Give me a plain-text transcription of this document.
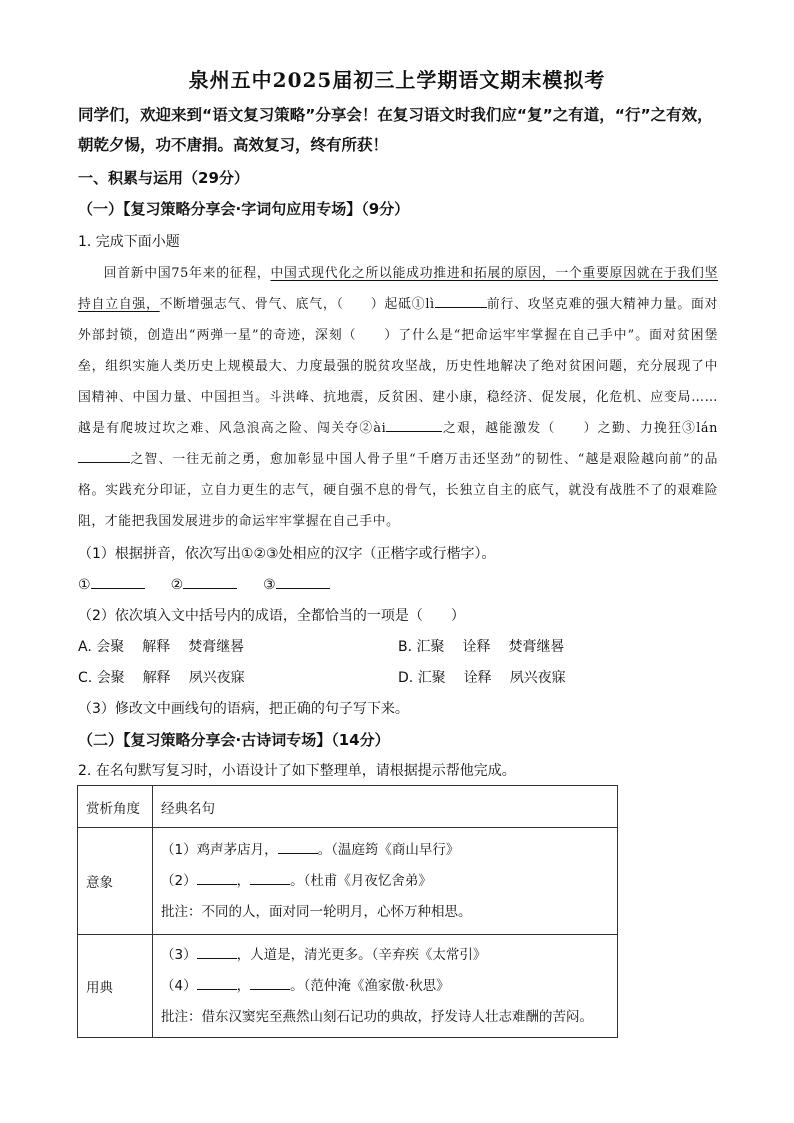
泉州五中2025届初三上学期语文期末模拟考
同学们，欢迎来到“语文复习策略”分享会！在复习语文时我们应“复”之有道，“行”之有效，朝乾夕惕，功不唐捐。高效复习，终有所获！
一、积累与运用（29分）
（一）【复习策略分享会·字词句应用专场】（9分）
1. 完成下面小题

回首新中国75年来的征程，中国式现代化之所以能成功推进和拓展的原因，一个重要原因就在于我们坚持自立自强，不断增强志气、骨气、底气，（　　）起砥①lì	前行、攻坚克难的强大精神力量。面对外部封锁，创造出“两弹一星”的奇迹，深刻（　　）了什么是“把命运牢牢掌握在自己手中”。面对贫困堡垒，组织实施人类历史上规模最大、力度最强的脱贫攻坚战，历史性地解决了绝对贫困问题，充分展现了中国精神、中国力量、中国担当。斗洪峰、抗地震，反贫困、建小康，稳经济、促发展，化危机、应变局……越是有爬坡过坎之难、风急浪高之险、闯关夺②ài	之艰，越能激发（　　）之勤、力挽狂③lán之智、一往无前之勇，愈加彰显中国人骨子里“千磨万击还坚劲”的韧性、“越是艰险越向前”的品格。实践充分印证，立自力更生的志气，硬自强不息的骨气，长独立自主的底气，就没有战胜不了的艰难险阻，才能把我国发展进步的命运牢牢掌握在自己手中。

（1）根据拼音，依次写出①②③处相应的汉字（正楷字或行楷字）。
①	②	③
（2）依次填入文中括号内的成语，全都恰当的一项是（　　）
A. 会聚 解释 焚膏继晷	B. 汇聚 诠释 焚膏继晷
C. 会聚 解释 夙兴夜寐	D. 汇聚 诠释 夙兴夜寐
（3）修改文中画线句的语病，把正确的句子写下来。
（二）【复习策略分享会·古诗词专场】（14分）
2. 在名句默写复习时，小语设计了如下整理单，请根据提示帮他完成。
赏析角度	经典名句
意象	（1）鸡声茅店月， 。（温庭筠《商山早行》
（2） ， 。（杜甫《月夜忆舍弟》
批注：不同的人，面对同一轮明月，心怀万种相思。

用典	（3） ，人道是，清光更多。（辛弃疾《太常引》
（4） ， 。（范仲淹《渔家傲·秋思》
批注：借东汉窦宪至燕然山刻石记功的典故，抒发诗人壮志难酬的苦闷。
